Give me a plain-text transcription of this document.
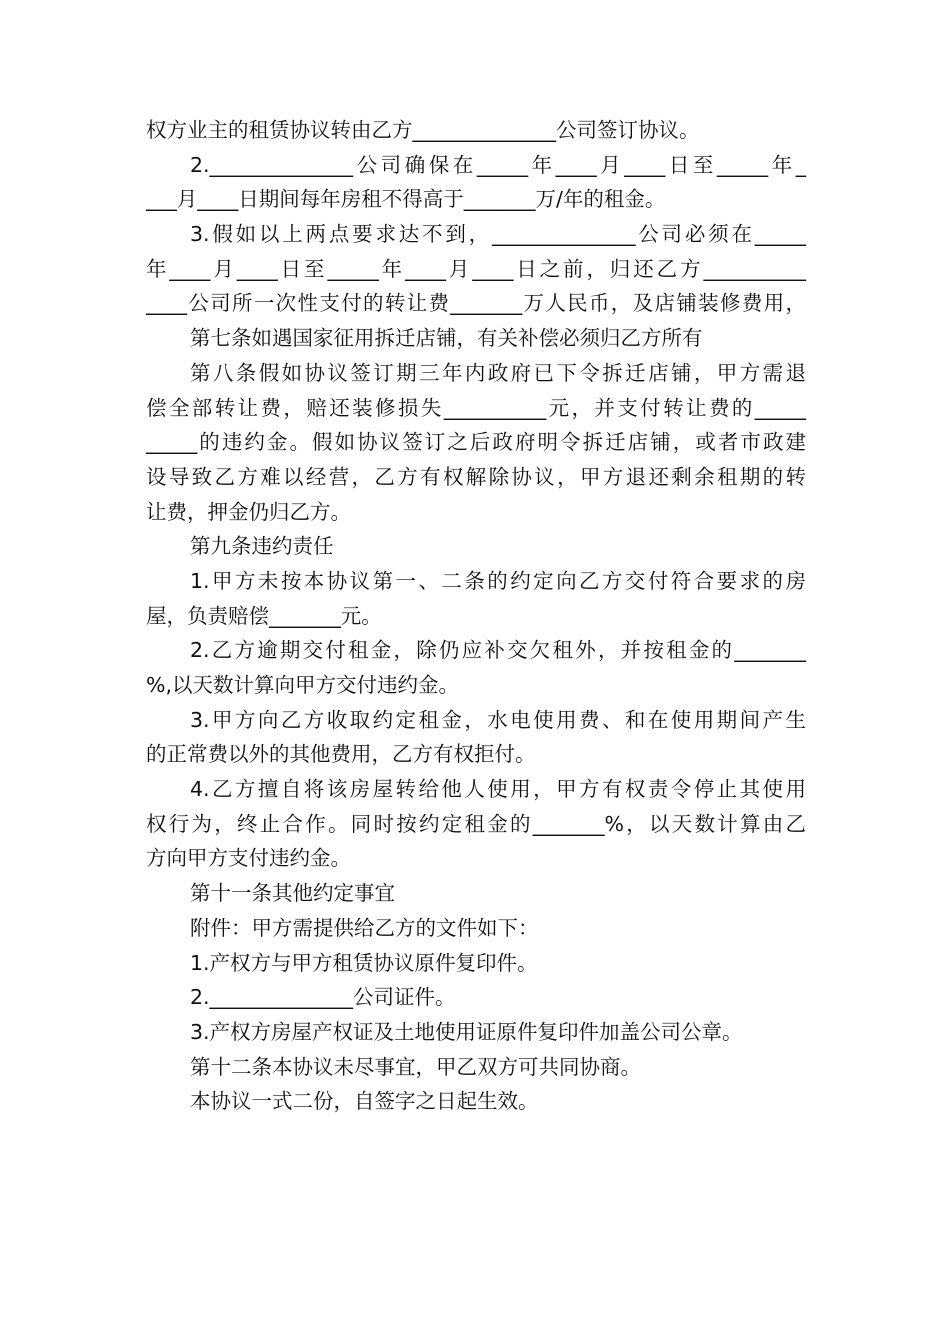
权方业主的租赁协议转由乙方______________公司签订协议。
2.______________公司确保在_____年____月____日至_____年_
___月____日期间每年房租不得高于_______万/年的租金。
3.假如以上两点要求达不到，______________公司必须在_____
年____月____日至_____年____月____日之前，归还乙方__________
____公司所一次性支付的转让费_______万人民币，及店铺装修费用，
第七条如遇国家征用拆迁店铺，有关补偿必须归乙方所有
第八条假如协议签订期三年内政府已下令拆迁店铺，甲方需退
偿全部转让费，赔还装修损失__________元，并支付转让费的_____
_____的违约金。假如协议签订之后政府明令拆迁店铺，或者市政建
设导致乙方难以经营，乙方有权解除协议，甲方退还剩余租期的转
让费，押金仍归乙方。
第九条违约责任
1.甲方未按本协议第一、二条的约定向乙方交付符合要求的房
屋，负责赔偿_______元。
2.乙方逾期交付租金，除仍应补交欠租外，并按租金的_______
%,以天数计算向甲方交付违约金。
3.甲方向乙方收取约定租金，水电使用费、和在使用期间产生
的正常费以外的其他费用，乙方有权拒付。
4.乙方擅自将该房屋转给他人使用，甲方有权责令停止其使用
权行为，终止合作。同时按约定租金的_______%，以天数计算由乙
方向甲方支付违约金。
第十一条其他约定事宜
附件：甲方需提供给乙方的文件如下：
1.产权方与甲方租赁协议原件复印件。
2.______________公司证件。
3.产权方房屋产权证及土地使用证原件复印件加盖公司公章。
第十二条本协议未尽事宜，甲乙双方可共同协商。
本协议一式二份，自签字之日起生效。
